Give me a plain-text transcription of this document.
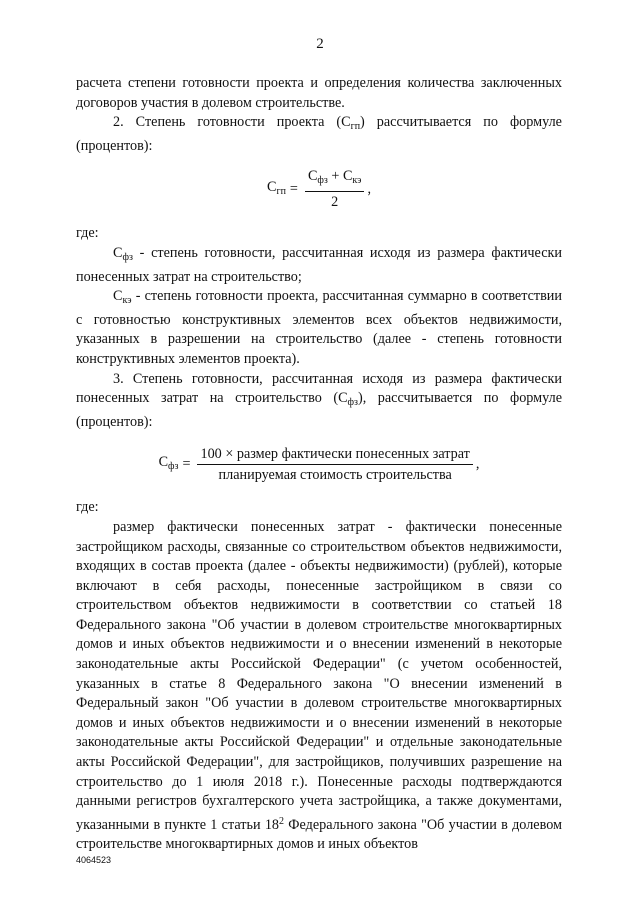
2

расчета степени готовности проекта и определения количества заключенных договоров участия в долевом строительстве.

2. Степень готовности проекта $(С_{гп})$ рассчитывается по формуле (процентов):

$С_{гп} = \frac{С_{фз} + С_{кэ}}{2}$ ,

где:

$С_{фз}$ - степень готовности, рассчитанная исходя из размера фактически понесенных затрат на строительство;

$С_{кэ}$ - степень готовности проекта, рассчитанная суммарно в соответствии с готовностью конструктивных элементов всех объектов недвижимости, указанных в разрешении на строительство (далее - степень готовности конструктивных элементов проекта).

3. Степень готовности, рассчитанная исходя из размера фактически понесенных затрат на строительство $(С_{фз})$, рассчитывается по формуле (процентов):

$С_{фз} = \frac{\text{100 × размер фактически понесенных затрат}}{\text{планируемая стоимость строительства}}$ ,

где:

размер фактически понесенных затрат - фактически понесенные застройщиком расходы, связанные со строительством объектов недвижимости, входящих в состав проекта (далее - объекты недвижимости) (рублей), которые включают в себя расходы, понесенные застройщиком в связи со строительством объектов недвижимости в соответствии со статьей 18 Федерального закона "Об участии в долевом строительстве многоквартирных домов и иных объектов недвижимости и о внесении изменений в некоторые законодательные акты Российской Федерации" (с учетом особенностей, указанных в статье 8 Федерального закона "О внесении изменений в Федеральный закон "Об участии в долевом строительстве многоквартирных домов и иных объектов недвижимости и о внесении изменений в некоторые законодательные акты Российской Федерации" и отдельные законодательные акты Российской Федерации", для застройщиков, получивших разрешение на строительство до 1 июля 2018 г.). Понесенные расходы подтверждаются данными регистров бухгалтерского учета застройщика, а также документами, указанными в пункте 1 статьи $18^2$ Федерального закона "Об участии в долевом строительстве многоквартирных домов и иных объектов

4064523
